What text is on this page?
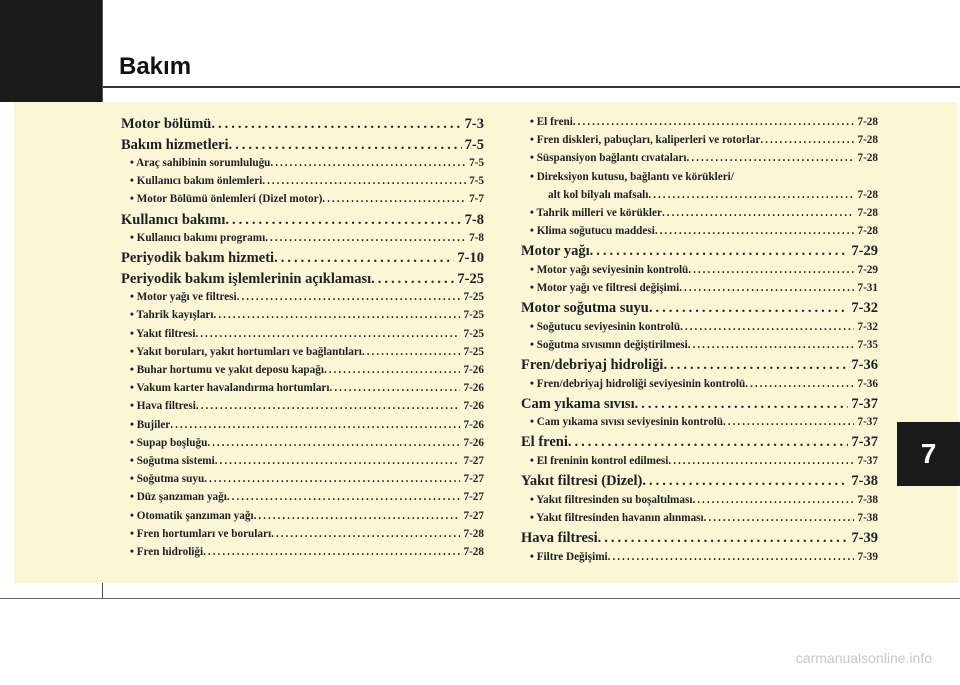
Bakım
Motor bölümü .....	7-3
Bakım hizmetleri .....	7-5
• Araç sahibinin sorumluluğu .....	7-5
• Kullanıcı bakım önlemleri .....	7-5
• Motor Bölümü önlemleri (Dizel motor) .....	7-7
Kullanıcı bakımı .....	7-8
• Kullanıcı bakımı programı .....	7-8
Periyodik bakım hizmeti .....	7-10
Periyodik bakım işlemlerinin açıklaması .....	7-25
• Motor yağı ve filtresi .....	7-25
• Tahrik kayışları .....	7-25
• Yakıt filtresi .....	7-25
• Yakıt boruları, yakıt hortumları ve bağlantıları .....	7-25
• Buhar hortumu ve yakıt deposu kapağı .....	7-26
• Vakum karter havalandırma hortumları .....	7-26
• Hava filtresi .....	7-26
• Bujiler .....	7-26
• Supap boşluğu .....	7-26
• Soğutma sistemi .....	7-27
• Soğutma suyu .....	7-27
• Düz şanzıman yağı .....	7-27
• Otomatik şanzıman yağı .....	7-27
• Fren hortumları ve boruları .....	7-28
• Fren hidroliği .....	7-28
• El freni .....	7-28
• Fren diskleri, pabuçları, kaliperleri ve rotorlar .....	7-28
• Süspansiyon bağlantı cıvataları .....	7-28
• Direksiyon kutusu, bağlantı ve körükleri/
alt kol bilyalı mafsalı .....	7-28
• Tahrik milleri ve körükler .....	7-28
• Klima soğutucu maddesi .....	7-28
Motor yağı .....	7-29
• Motor yağı seviyesinin kontrolü .....	7-29
• Motor yağı ve filtresi değişimi .....	7-31
Motor soğutma suyu .....	7-32
• Soğutucu seviyesinin kontrolü .....	7-32
• Soğutma sıvısının değiştirilmesi .....	7-35
Fren/debriyaj hidroliği .....	7-36
• Fren/debriyaj hidroliği seviyesinin kontrolü .....	7-36
Cam yıkama sıvısı .....	7-37
• Cam yıkama sıvısı seviyesinin kontrolü .....	7-37
El freni .....	7-37
• El freninin kontrol edilmesi .....	7-37
Yakıt filtresi (Dizel) .....	7-38
• Yakıt filtresinden su boşaltılması .....	7-38
• Yakıt filtresinden havanın alınması .....	7-38
Hava filtresi .....	7-39
• Filtre Değişimi .....	7-39
7
carmanualsonline.info
